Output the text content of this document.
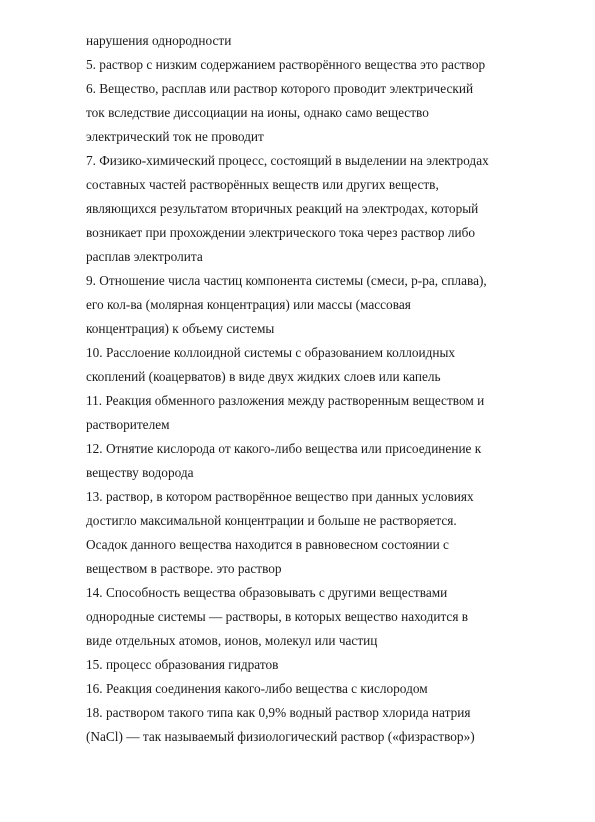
нарушения однородности
5. раствор с низким содержанием растворённого вещества это раствор
6. Вещество, расплав или раствор которого проводит электрический
ток вследствие диссоциации на ионы, однако само вещество
электрический ток не проводит
7. Физико-химический процесс, состоящий в выделении на электродах
составных частей растворённых веществ или других веществ,
являющихся результатом вторичных реакций на электродах, который
возникает при прохождении электрического тока через раствор либо
расплав электролита
9. Отношение числа частиц компонента системы (смеси, р-ра, сплава),
его кол-ва (молярная концентрация) или массы (массовая
концентрация) к объему системы
10. Расслоение коллоидной системы с образованием коллоидных
скоплений (коацерватов) в виде двух жидких слоев или капель
11. Реакция обменного разложения между растворенным веществом и
растворителем
12. Отнятие кислорода от какого-либо вещества или присоединение к
веществу водорода
13. раствор, в котором растворённое вещество при данных условиях
достигло максимальной концентрации и больше не растворяется.
Осадок данного вещества находится в равновесном состоянии с
веществом в растворе. это раствор
14. Способность вещества образовывать с другими веществами
однородные системы — растворы, в которых вещество находится в
виде отдельных атомов, ионов, молекул или частиц
15. процесс образования гидратов
16. Реакция соединения какого-либо вещества с кислородом
18. раствором такого типа как 0,9% водный раствор хлорида натрия
(NaCl) — так называемый физиологический раствор («физраствор»)
